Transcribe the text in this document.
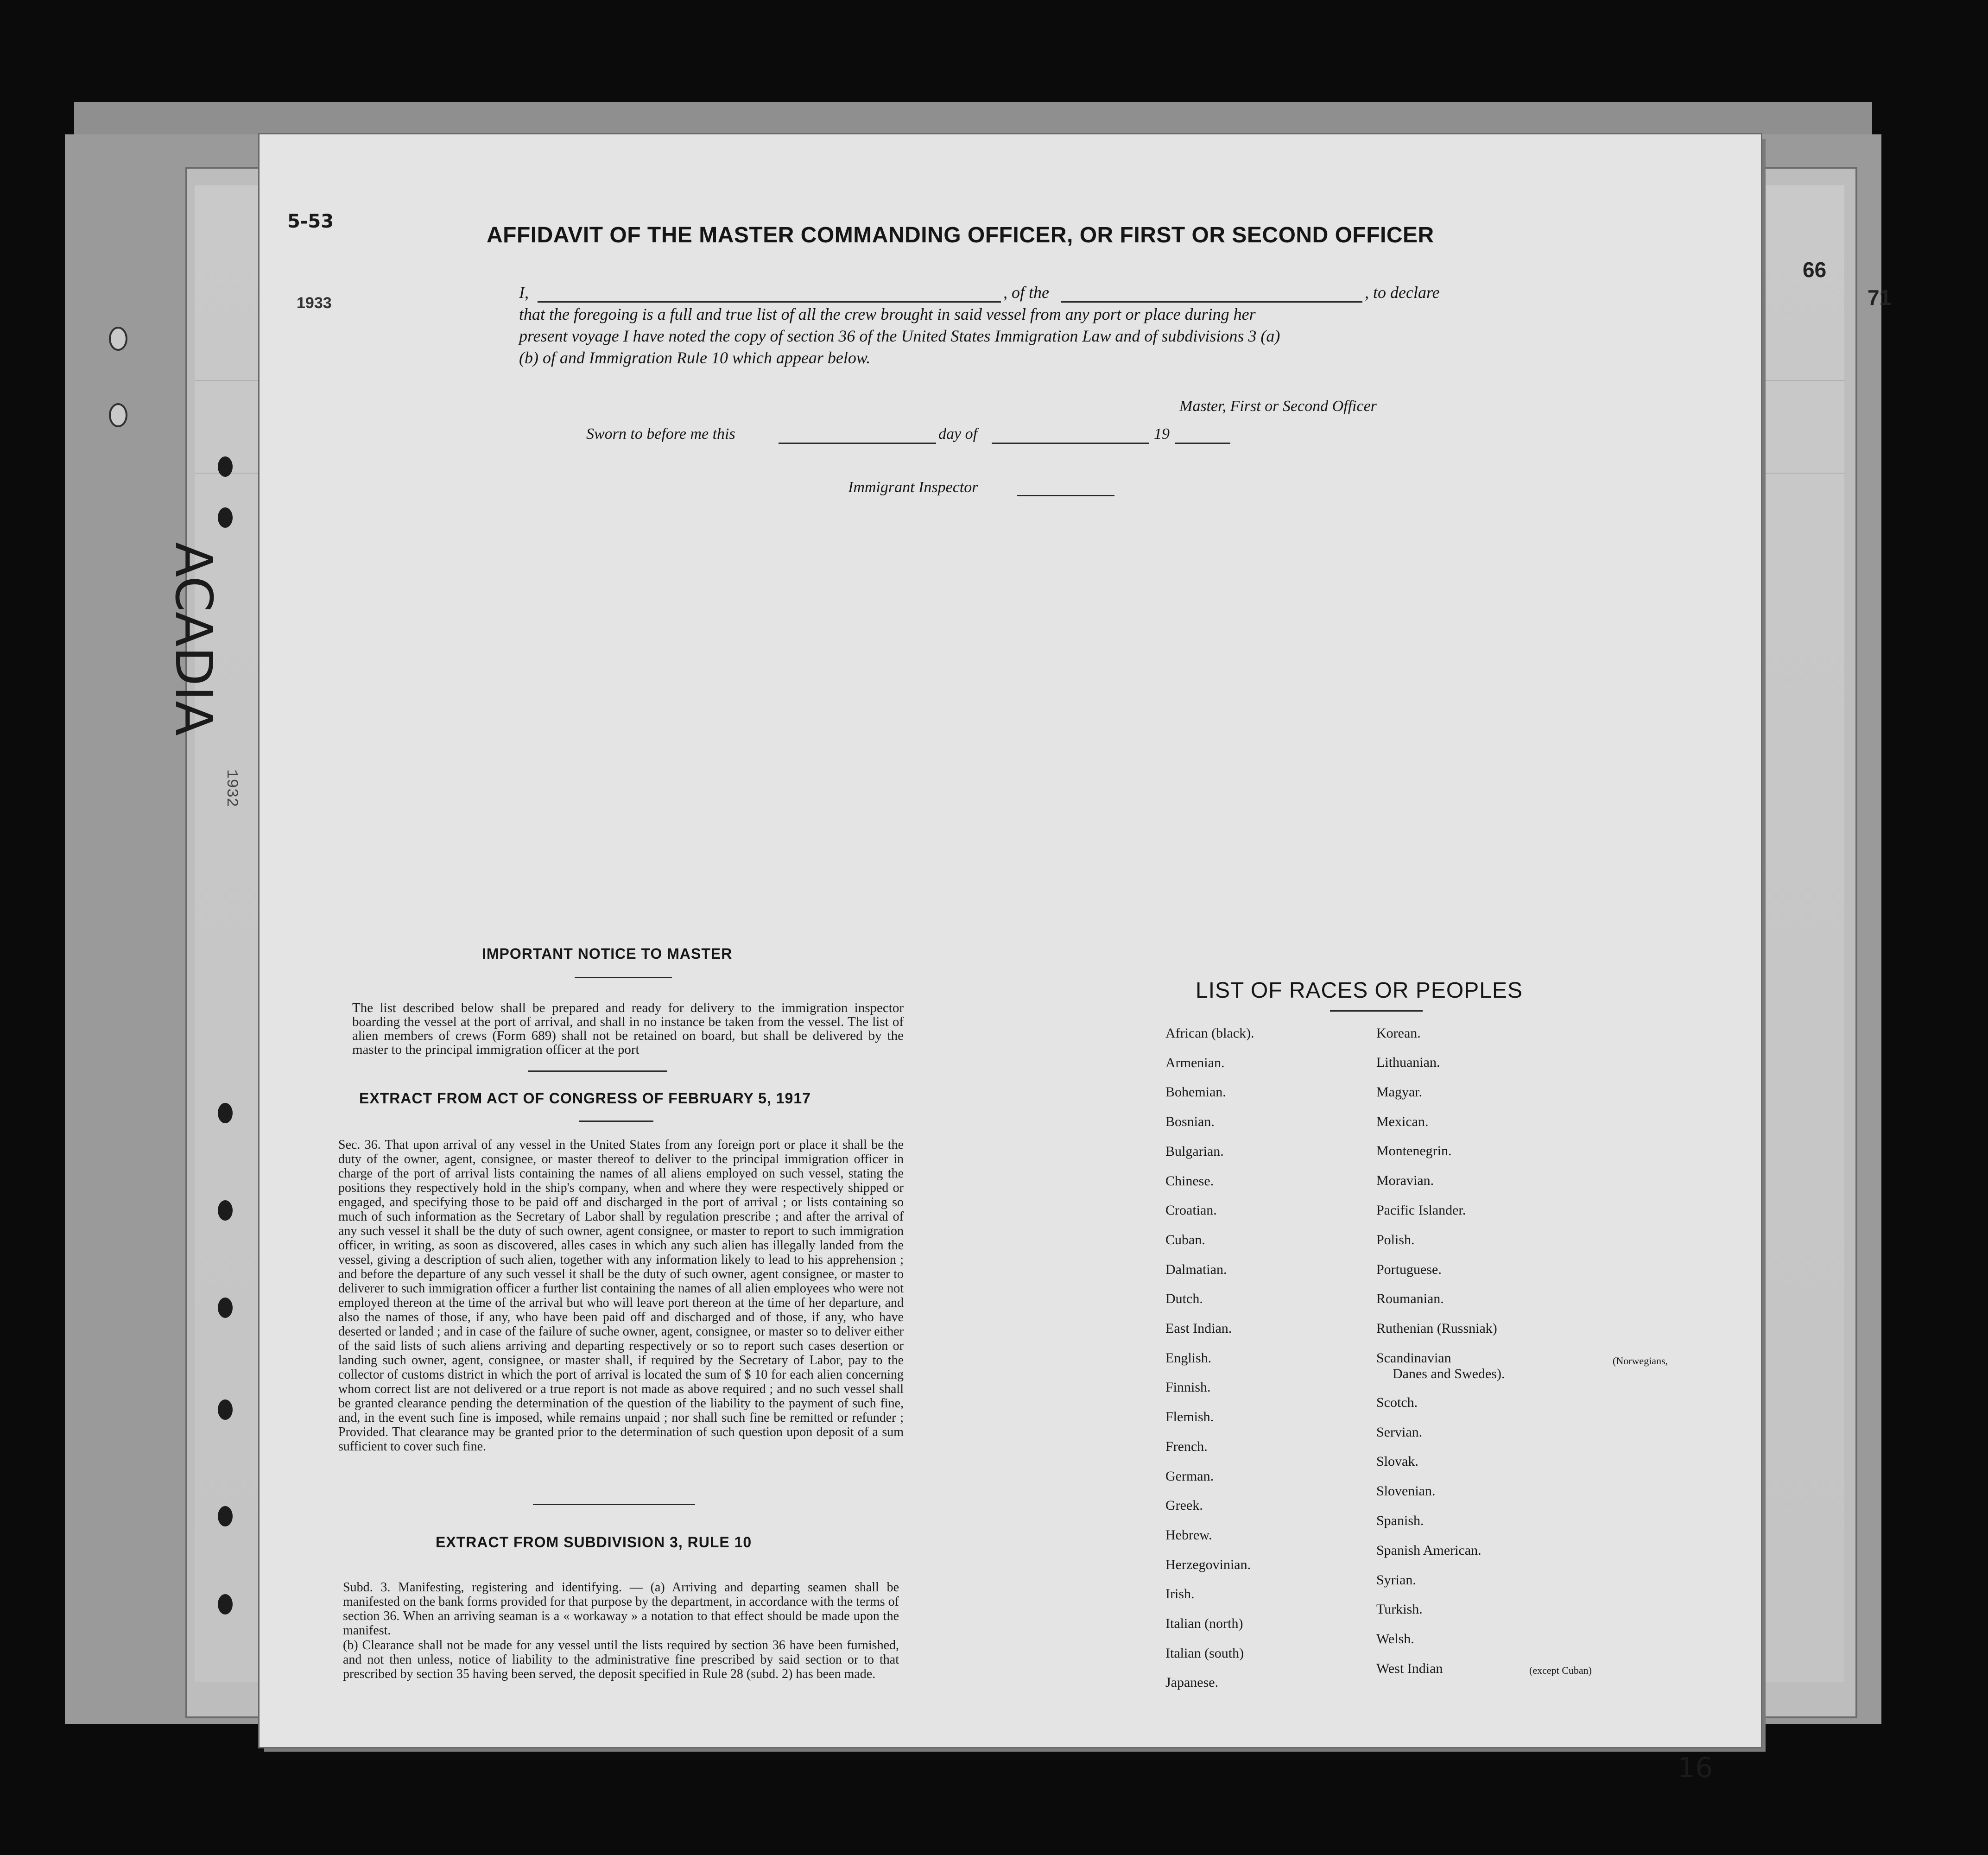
66
71
5-53
1933
AFFIDAVIT OF THE MASTER COMMANDING OFFICER, OR FIRST OR SECOND OFFICER
I,	, of the	, to declare
that the foregoing is a full and true list of all the crew brought in said vessel from any port or place during her
present voyage I have noted the copy of section 36 of the United States Immigration Law and of subdivisions 3 (a)
(b) of and Immigration Rule 10 which appear below.
Master, First or Second Officer
Sworn to before me this	day of	19
Immigrant Inspector
IMPORTANT NOTICE TO MASTER
The list described below shall be prepared and ready for delivery to the immigration inspector boarding the vessel at the port of arrival, and shall in no instance be taken from the vessel. The list of alien members of crews (Form 689) shall not be retained on board, but shall be delivered by the master to the principal immigration officer at the port
EXTRACT FROM ACT OF CONGRESS OF FEBRUARY 5, 1917
Sec. 36. That upon arrival of any vessel in the United States from any foreign port or place it shall be the duty of the owner, agent, consignee, or master thereof to deliver to the principal immigration officer in charge of the port of arrival lists containing the names of all aliens employed on such vessel, stating the positions they respectively hold in the ship's company, when and where they were respectively shipped or engaged, and specifying those to be paid off and discharged in the port of arrival ; or lists containing so much of such information as the Secretary of Labor shall by regulation prescribe ; and after the arrival of any such vessel it shall be the duty of such owner, agent consignee, or master to report to such immigration officer, in writing, as soon as discovered, alles cases in which any such alien has illegally landed from the vessel, giving a description of such alien, together with any information likely to lead to his apprehension ; and before the departure of any such vessel it shall be the duty of such owner, agent consignee, or master to deliverer to such immigration officer a further list containing the names of all alien employees who were not employed thereon at the time of the arrival but who will leave port thereon at the time of her departure, and also the names of those, if any, who have been paid off and discharged and of those, if any, who have deserted or landed ; and in case of the failure of suche owner, agent, consignee, or master so to deliver either of the said lists of such aliens arriving and departing respectively or so to report such cases desertion or landing such owner, agent, consignee, or master shall, if required by the Secretary of Labor, pay to the collector of customs district in which the port of arrival is located the sum of $ 10 for each alien concerning whom correct list are not delivered or a true report is not made as above required ; and no such vessel shall be granted clearance pending the determination of the question of the liability to the payment of such fine, and, in the event such fine is imposed, while remains unpaid ; nor shall such fine be remitted or refunder ; Provided. That clearance may be granted prior to the determination of such question upon deposit of a sum sufficient to cover such fine.
EXTRACT FROM SUBDIVISION 3, RULE 10
Subd. 3. Manifesting, registering and identifying. — (a) Arriving and departing seamen shall be manifested on the bank forms provided for that purpose by the department, in accordance with the terms of section 36. When an arriving seaman is a « workaway » a notation to that effect should be made upon the manifest.
(b) Clearance shall not be made for any vessel until the lists required by section 36 have been furnished, and not then unless, notice of liability to the administrative fine prescribed by said section or to that prescribed by section 35 having been served, the deposit specified in Rule 28 (subd. 2) has been made.
LIST OF RACES OR PEOPLES
African (black).
Armenian.
Bohemian.
Bosnian.
Bulgarian.
Chinese.
Croatian.
Cuban.
Dalmatian.
Dutch.
East Indian.
English.
Finnish.
Flemish.
French.
German.
Greek.
Hebrew.
Herzegovinian.
Irish.
Italian (north)
Italian (south)
Japanese.
Korean.
Lithuanian.
Magyar.
Mexican.
Montenegrin.
Moravian.
Pacific Islander.
Polish.
Portuguese.
Roumanian.
Ruthenian (Russniak)
Scandinavian
Scotch.
Servian.
Slovak.
Slovenian.
Spanish.
Spanish American.
Syrian.
Turkish.
Welsh.
West Indian
(Norwegians,
Danes and Swedes).
(except Cuban)
ACADIA
1932
16
